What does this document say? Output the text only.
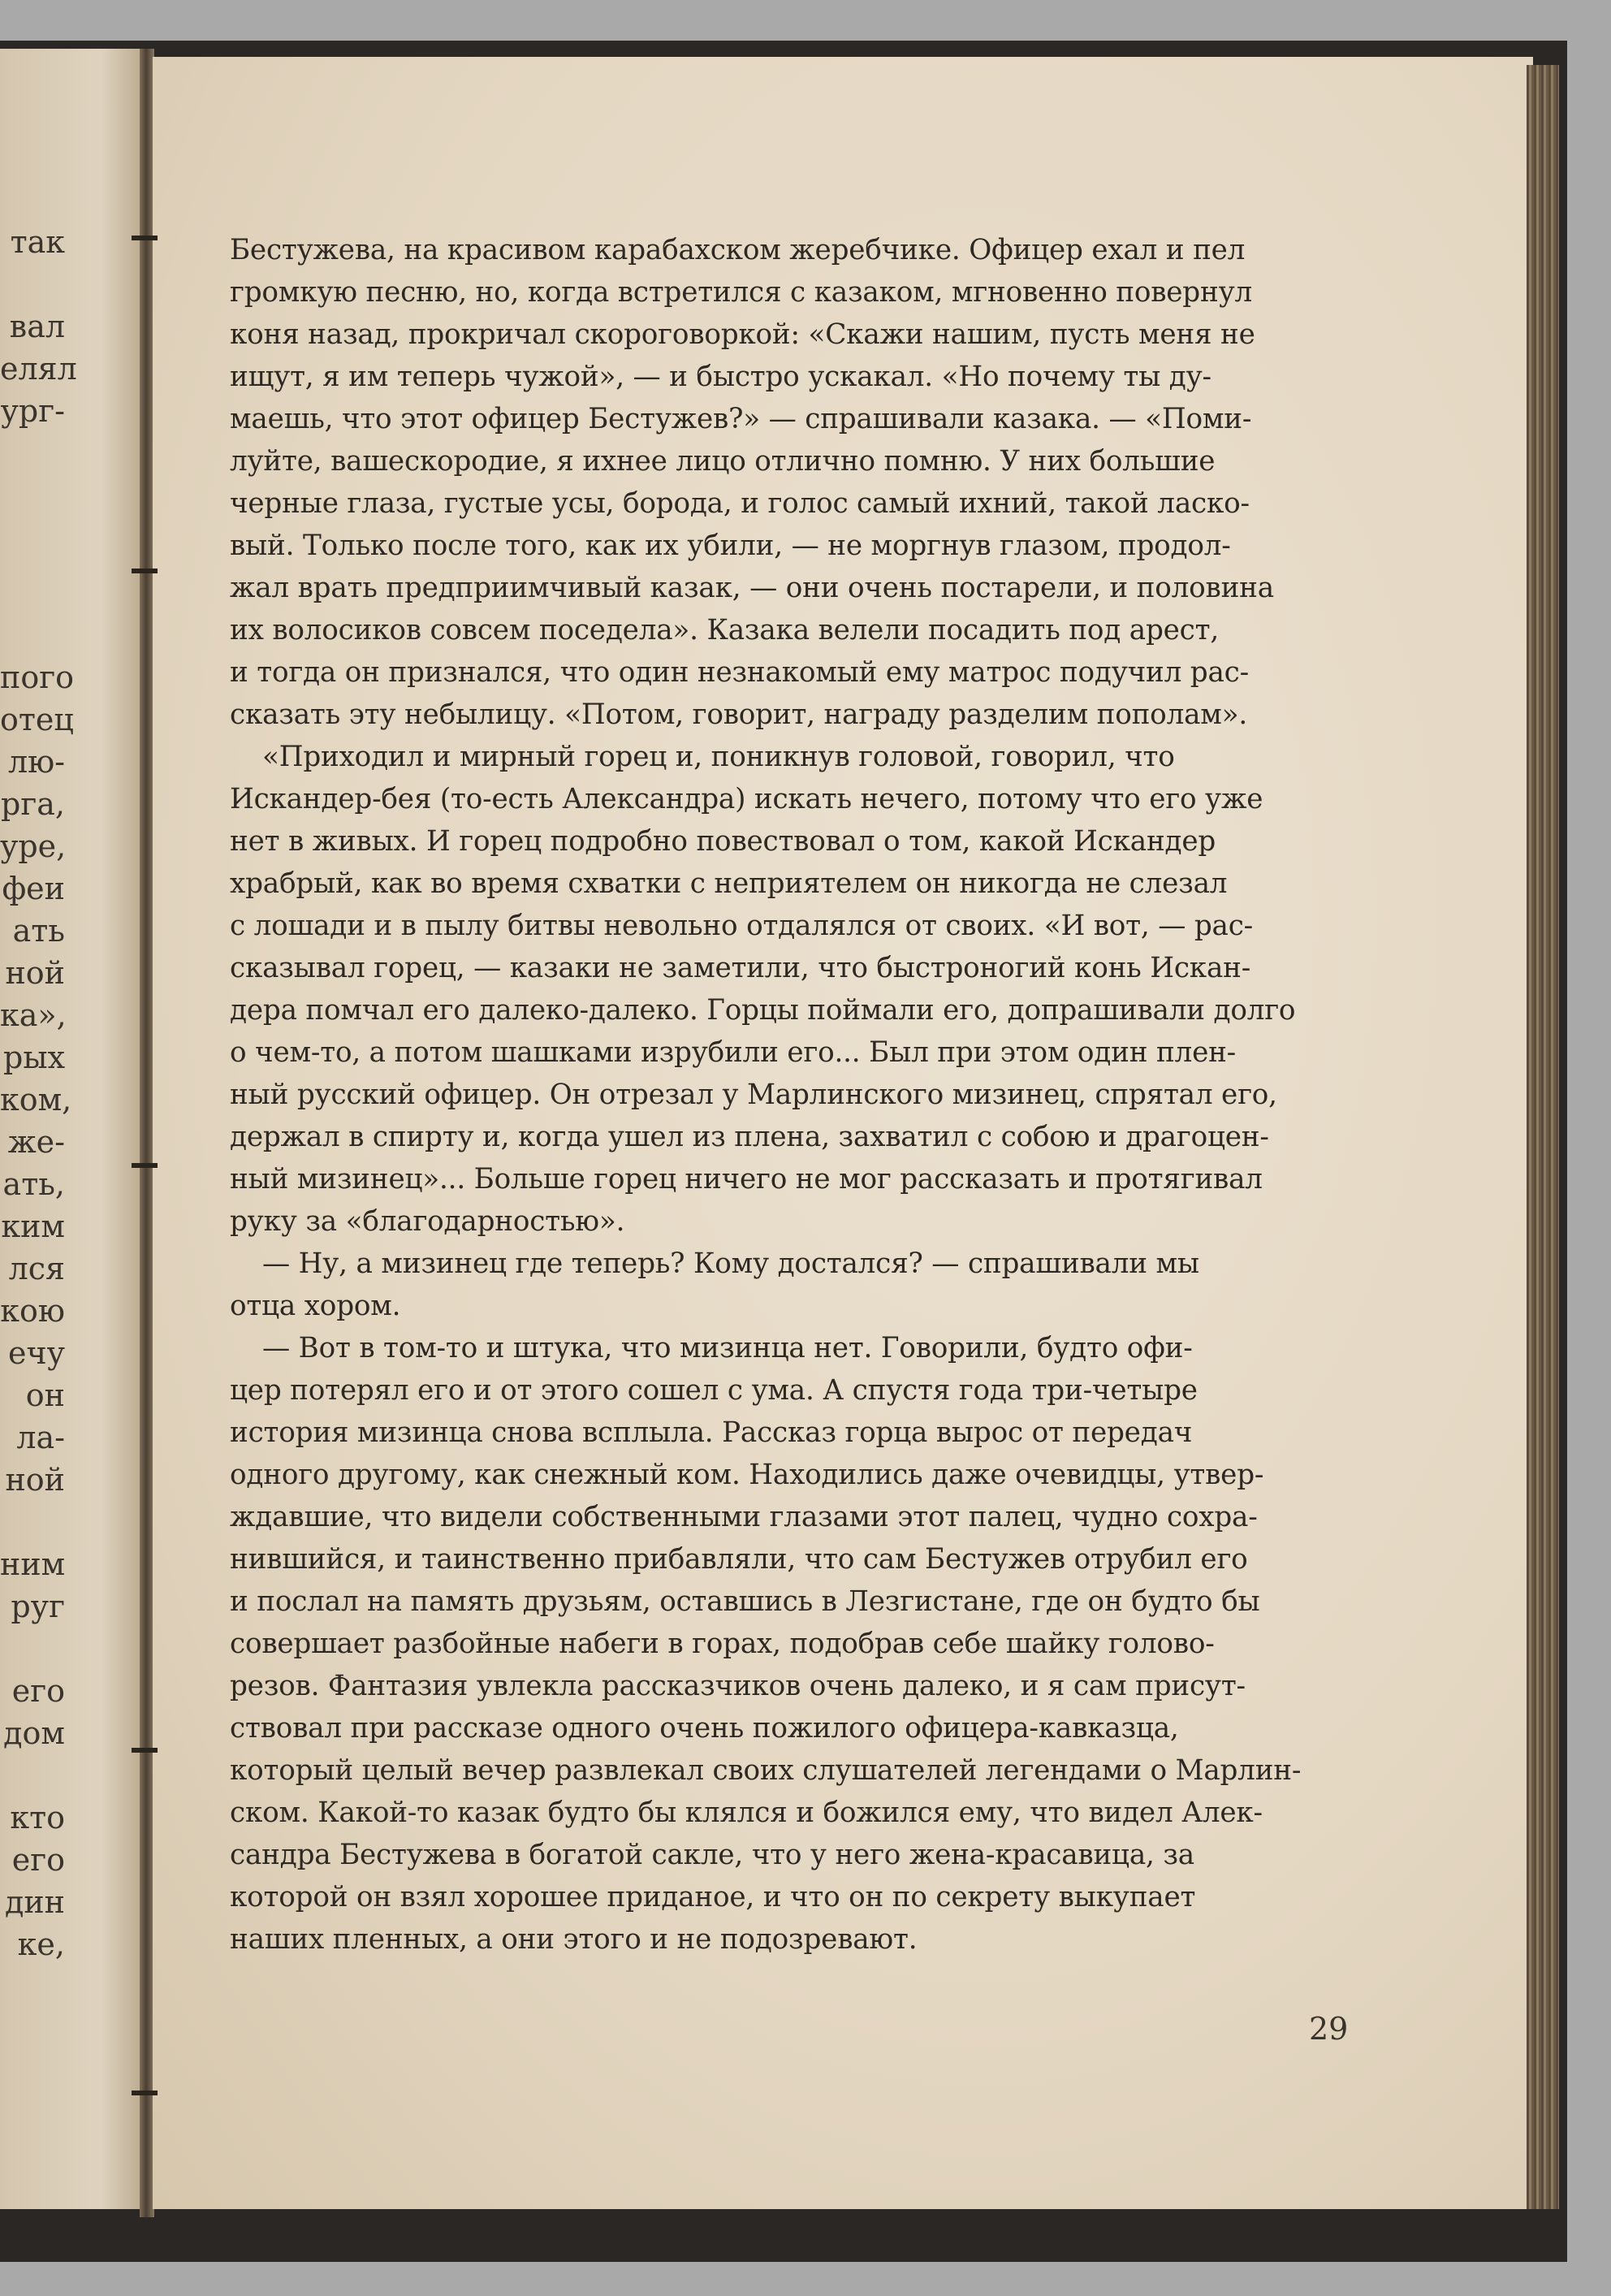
так
вал
елял
ург-
пого
отец
лю-
рга,
уре,
феи
ать
ной
ка»,
рых
ком,
же-
ать,
ким
лся
кою
ечу
он
ла-
ной
ним
руг
его
дом
кто
его
дин
ке,
Бестужева, на красивом карабахском жеребчике. Офицер ехал и пел
громкую песню, но, когда встретился с казаком, мгновенно повернул
коня назад, прокричал скороговоркой: «Скажи нашим, пусть меня не
ищут, я им теперь чужой», — и быстро ускакал. «Но почему ты ду-
маешь, что этот офицер Бестужев?» — спрашивали казака. — «Поми-
луйте, вашескородие, я ихнее лицо отлично помню. У них большие
черные глаза, густые усы, борода, и голос самый ихний, такой ласко-
вый. Только после того, как их убили, — не моргнув глазом, продол-
жал врать предприимчивый казак, — они очень постарели, и половина
их волосиков совсем поседела». Казака велели посадить под арест,
и тогда он признался, что один незнакомый ему матрос подучил рас-
сказать эту небылицу. «Потом, говорит, награду разделим пополам».
«Приходил и мирный горец и, поникнув головой, говорил, что
Искандер-бея (то-есть Александра) искать нечего, потому что его уже
нет в живых. И горец подробно повествовал о том, какой Искандер
храбрый, как во время схватки с неприятелем он никогда не слезал
с лошади и в пылу битвы невольно отдалялся от своих. «И вот, — рас-
сказывал горец, — казаки не заметили, что быстроногий конь Искан-
дера помчал его далеко-далеко. Горцы поймали его, допрашивали долго
о чем-то, а потом шашками изрубили его... Был при этом один плен-
ный русский офицер. Он отрезал у Марлинского мизинец, спрятал его,
держал в спирту и, когда ушел из плена, захватил с собою и драгоцен-
ный мизинец»... Больше горец ничего не мог рассказать и протягивал
руку за «благодарностью».
— Ну, а мизинец где теперь? Кому достался? — спрашивали мы
отца хором.
— Вот в том-то и штука, что мизинца нет. Говорили, будто офи-
цер потерял его и от этого сошел с ума. А спустя года три-четыре
история мизинца снова всплыла. Рассказ горца вырос от передач
одного другому, как снежный ком. Находились даже очевидцы, утвер-
ждавшие, что видели собственными глазами этот палец, чудно сохра-
нившийся, и таинственно прибавляли, что сам Бестужев отрубил его
и послал на память друзьям, оставшись в Лезгистане, где он будто бы
совершает разбойные набеги в горах, подобрав себе шайку голово-
резов. Фантазия увлекла рассказчиков очень далеко, и я сам присут-
ствовал при рассказе одного очень пожилого офицера-кавказца,
который целый вечер развлекал своих слушателей легендами о Марлин-
ском. Какой-то казак будто бы клялся и божился ему, что видел Алек-
сандра Бестужева в богатой сакле, что у него жена-красавица, за
которой он взял хорошее приданое, и что он по секрету выкупает
наших пленных, а они этого и не подозревают.
29
